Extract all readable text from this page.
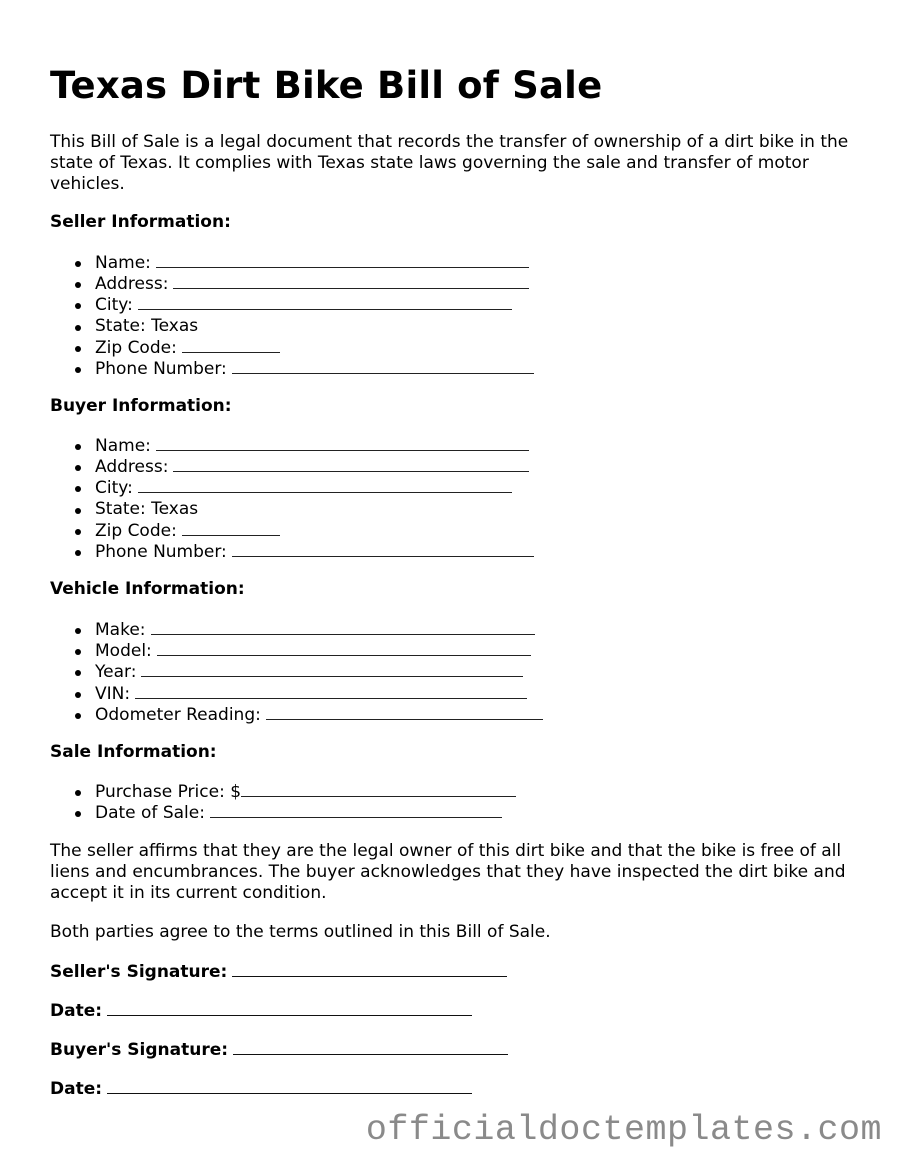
Texas Dirt Bike Bill of Sale

This Bill of Sale is a legal document that records the transfer of ownership of a dirt bike in the state of Texas. It complies with Texas state laws governing the sale and transfer of motor vehicles.

Seller Information:

Name:
Address:
City:
State: Texas
Zip Code:
Phone Number:

Buyer Information:

Name:
Address:
City:
State: Texas
Zip Code:
Phone Number:

Vehicle Information:

Make:
Model:
Year:
VIN:
Odometer Reading:

Sale Information:

Purchase Price: $
Date of Sale:

The seller affirms that they are the legal owner of this dirt bike and that the bike is free of all liens and encumbrances. The buyer acknowledges that they have inspected the dirt bike and accept it in its current condition.

Both parties agree to the terms outlined in this Bill of Sale.

Seller's Signature:

Date:

Buyer's Signature:

Date:

officialdoctemplates.com
